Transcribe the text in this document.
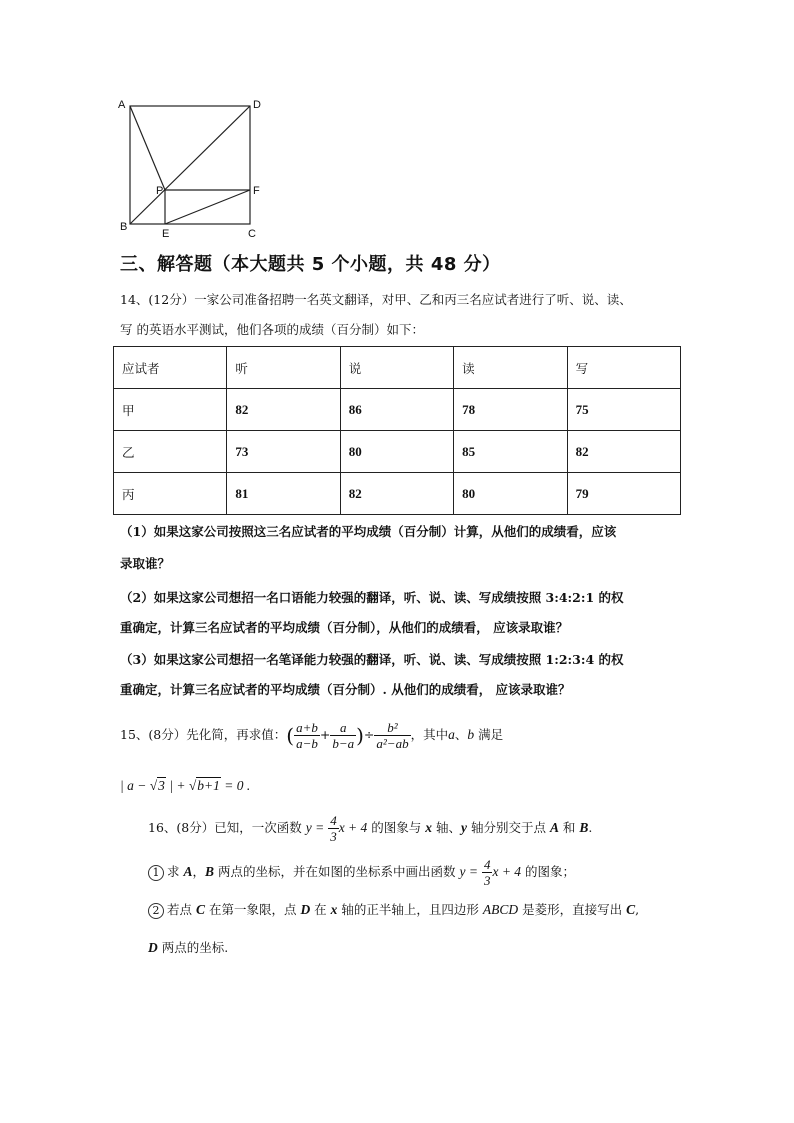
A	D
P	F
B
E	C
三、解答题（本大题共 5 个小题，共 48 分）
14、(12分）一家公司准备招聘一名英文翻译，对甲、乙和丙三名应试者进行了听、说、读、
写 的英语水平测试，他们各项的成绩（百分制）如下：
应试者	听	说	读	写
甲	82	86	78	75
乙	73	80	85	82
丙	81	82	80	79
（1）如果这家公司按照这三名应试者的平均成绩（百分制）计算，从他们的成绩看，应该
录取谁？
（2）如果这家公司想招一名口语能力较强的翻译，听、说、读、写成绩按照 3:4:2:1 的权
重确定，计算三名应试者的平均成绩（百分制），从他们的成绩看， 应该录取谁？
（3）如果这家公司想招一名笔译能力较强的翻译，听、说、读、写成绩按照 1:2:3:4 的权
重确定，计算三名应试者的平均成绩（百分制）. 从他们的成绩看， 应该录取谁？
15、(8分）先化简，再求值：( $\frac{a+b}{a-b} + \frac{a}{b-a}$ )÷ $\frac{\text{b²}}{\text{a²−ab}}$ ，其中a、b 满足
| a − √3 | + √b+1 = 0 .
16、(8分）已知，一次函数 $y = \frac{4}{3}$ x + 4 的图象与 x 轴、y 轴分别交于点 A 和 B.
1 求 A，B 两点的坐标，并在如图的坐标系中画出函数 $y = \frac{4}{3}$ x + 4 的图象；
2 若点 C 在第一象限，点 D 在 x 轴的正半轴上，且四边形 ABCD 是菱形，直接写出 C,
D 两点的坐标.
